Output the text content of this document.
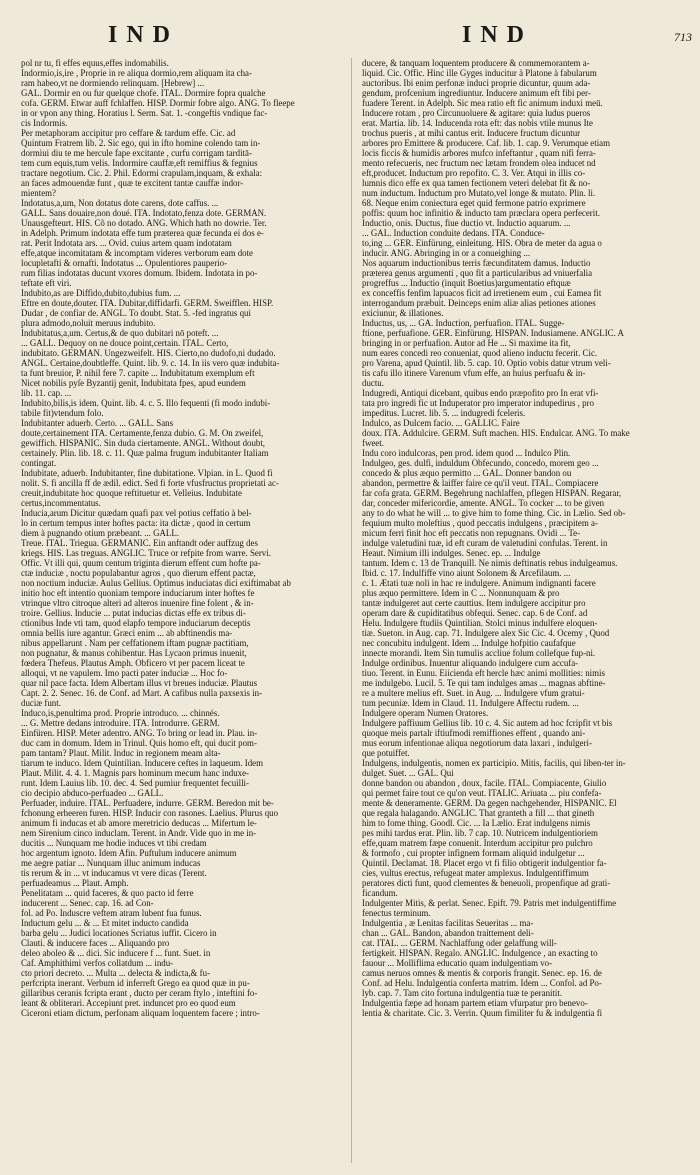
IND	IND	713
pol nr tu, fi effes equus,effes indomabilis.
Indormio,is,ire , Proprie in re aliqua dormio,rem aliquam ita cha-
ram habeo,vt ne dormiendo relinquam. [Hebrew] ...
GAL. Dormir en ou fur quelque chofe. ITAL. Dormire fopra qualche
cofa. GERM. Etwar auff fchlaffen. HISP. Dormir fobre algo. ANG. To fleepe
in or vpon any thing. Horatius l. Serm. Sat. 1. -congeftis vndique fac-
cis Indormis.
Per metaphoram accipitur pro ceffare & tardum effe. Cic. ad
Quintum Fratrem lib. 2. Sic ego, qui in ifto homine colendo tam in-
dormiui diu te me hercule fape excitante , curfu corrigam tarditā-
tem cum equis,tum velis. Indormire cauffæ,eft remiffius & fegnius
tractare negotium. Cic. 2. Phil. Edormi crapulam,inquam, & exhala:
an faces admouendæ funt , quæ te excitent tantæ cauffæ indor-
mientem?
Indotatus,a,um, Non dotatus dote carens, dote caffus. ...
GALL. Sans douaire,non doué. ITA. Indotato,fenza dote. GERMAN.
Unausgefteurt. HIS. Cõ no dotado. ANG. Which hath no dowrie. Ter.
in Adelph. Primum indotata effe tum præterea quæ fecunda ei dos e-
rat. Perit Indotata ars. ... Ovid. cuius artem quam indotatam
effe,atque incomitatam & incomptam videres verborum eam dote
locupletafti & ornafti. Indotatus ... Opulentiores pauperio-
rum filias indotatas ducunt vxores domum. Ibidem. Indotata in po-
teftate eft viri.
Indubito,as are Diffido,dubito,dubius fum. ...
Eftre en doute,douter. ITA. Dubitar,diffidarfi. GERM. Sweifflen. HISP.
Dudar , de confiar de. ANGL. To doubt. Stat. 5. -fed ingratus qui
plura admodo,noluit meruus indubito.
Indubitatus,a,um. Certus,& de quo dubitari nō poteft. ...
... GALL. Dequoy on ne douce point,certain. ITAL. Certo,
indubitato. GERMAN. Ungezweifelt. HIS. Cierto,no dudofo,ni dudado.
ANGL. Certaine,doubtleffe. Quint. lib. 9. c. 14. In iis vero quæ indubita-
ta funt breuior, P. nihil fere 7. capite ... Indubitatum exemplum eft
Nicet nobilis pyſe Byzantij genit, Indubitata fpes, apud eundem
lib. 11. cap. ...
Indubito,bilis,is idem. Quint. lib. 4. c. 5. Illo fequenti (fi modo indubi-
tabile fit)vtendum folo.
Indubitanter aduerb. Certo. ... GALL. Sans
doute,certainement ITA. Certamente,fenza dubio. G. M. On zweifel,
gewiffich. HISPANIC. Sin duda ciertamente. ANGL. Without doubt,
certainely. Plin. lib. 18. c. 11. Quæ palma frugum indubitanter Italiam
contingat.
Indubitate, aduerb. Indubitanter, fine dubitatione. Vlpian. in L. Quod fi
nolit. S. fi ancilla ff de ædil. edict. Sed fi forte vfusfructus proprietati ac-
creuit,indubitate hoc quoque reftituetur et. Velleius. Indubitate
certus,incommentatus.
Inducia,arum Dicitur quædam quafi pax vel potius ceffatio à bel-
lo in certum tempus inter hoftes pacta: ita dictæ , quod in certum
diem à pugnando otium præbeant. ... GALL.
Treue. ITAL. Triegua. GERMANIC. Ein anftandt oder auffzug des
kriegs. HIS. Las treguas. ANGLIC. Truce or refpite from warre. Servi.
Offic. Vt illi qui, quum centum triginta dierum effent cum hofte pa-
ctæ induciæ , noctu populabantur agros , quo dierum effent pactæ,
non noctium induciæ. Aulus Gellius. Optimus induciatas dici exiftimabat ab
initio hoc eft intentio quoniam tempore induciarum inter hoftes fe
vtrinque vltro citroque alteri ad alteros inuenire fine folent , & in-
troire. Gellius. Inducie ... putat inducias dictas effe ex tribus di-
ctionibus Inde vti tam, quod elapfo tempore induciarum deceptis
omnia bellis iure agantur. Græci enim ... ab abftinendis ma-
nibus appellarunt . Nam per ceffationem iftam pugnæ pactitiam,
non pugnatur, & manus cohibentur. Has Lycaon primus inuenit,
fœdera Thefeus. Plautus Amph. Obficero vt per pacem liceat te
alloqui, vt ne vapulem. Imo pacti pater induciæ ... Hoc fo-
quar nil pace facta. Idem Albertam illus vt breues induciæ. Plautus
Capt. 2. 2. Senec. 16. de Conf. ad Mart. A cafibus nulla paxsexis in-
duciæ funt.
Induco,is,penultima prod. Proprie introduco. ... chinnés.
... G. Mettre dedans introduire. ITA. Introdurre. GERM.
Einfüren. HISP. Meter adentro. ANG. To bring or lead in. Plau. in-
duc cam in domum. Idem in Trinul. Quis homo eft, qui ducit pom-
pam tantam? Plaut. Milit. Induc in regionem meam alta-
tiarum te induco. Idem Quintilian. Inducere ceftes in laqueum. Idem
Plaut. Milit. 4. 4. 1. Magnis pars hominum mecum hanc induxe-
runt. Idem Lauius lib. 10. dec. 4. Sed pumiur frequentet fecuilli-
cio decipio abduco-perfuadeo ... GALL.
Perfuader, induire. ITAL. Perfuadere, indurre. GERM. Beredon mit be-
fchonung erheeren furen. HISP. Inducir con rasones. Laelius. Plurus quo
animum fi inducas et ab amore meretricio deducas ... Mifertum le-
nem Sirenium cinco induclam. Terent. in Andr. Vide quo in me in-
ducitis ... Nunquam me hodie induces vt tibi credam
hoc argentum ignoto. Idem Afin. Puftulum inducere animum
me aegre patiar ... Nunquam illuc animum inducas
tis rerum & in ... vt inducamus vt vere dicas (Terent.
perfuadeamus ... Plaut. Amph.
Penelitatam ... quid faceres, & quo pacto id ferre
inducerent ... Senec. cap. 16. ad Con-
fol. ad Po. Induscre veftem atram lubent fua funus.
Inductum gelu ... & ... Et mitet inducto candida
barba gelu ... Judici locationes Scriatus iuffit. Cicero in
Clauti. & inducere faces ... Aliquando pro
deleo aboleo & ... dici. Sic inducere f ... funt. Suet. in
Caf. Amphithimi verfos collatdum ... indu-
cto priori decreto. ... Multa ... delecta & indicta,& fu-
perfcripta inerant. Verbum id inferreft Grego ea quod quæ in pu-
gillaribus ceranis fcripta erant , ducto per ceram ftylo , inteftini fo-
leant & obliterari. Accepiunt pret. induncet pro eo quod eum
Ciceroni etiam dictum, perfonam aliquam loquentem facere ; intro-
ducere, & tanquam loquentem producere & commemorantem a-
liquid. Cic. Offic. Hinc ille Gyges inducitur à Platone à fabularum
auctoribus. Ibi enim perfonæ induci proprie dicuntur, quum ada-
gendum, profcenium ingrediuntur. Inducere animum eft fibi per-
fuadere Terent. in Adelph. Sic mea ratio eft fic animum induxi meū.
Inducere rotam , pro Circunuoluere & agitare: quia ludus pueros
erat. Martia. lib. 14. Inducenda rota eft: das nobis vtile munus Ite
trochus pueris , at mihi cantus erit. Inducere fructum dicuntur
arbores pro Emittere & producere. Caf. lib. 1. cap. 9. Verumque etiam
locis ficcis & humidis arbores mufco infeftantur , quam nifi ferra-
mento refecueris, nec fructum nec lætam frondem olea inducet nd
eft,producet. Inductum pro repofito. C. 3. Ver. Atqui in illis co-
lumnis dico effe ex qua tamen fectionem veteri delebat fit & no-
num inductum. Inductum pro Mutato,vel longe & mutato. Plin. li.
68. Neque enim coniectura eget quid fermone patrio exprimere
poffis: quum hoc infinitio & inducto tam præclara opera perfecerit.
Inductio, onis. Ductus, fiue ductio vt. Inductio aquarum. ...
... GAL. Induction conduite dedans. ITA. Conduce-
to,ing ... GER. Einfürung, einleitung. HIS. Obra de meter da agua o
inducir. ANG. Abringing in or a conueighing ...
Nos aquarum inductionibus terris fæcunditatem damus. Inductio
præterea genus argumenti , quo fit a particularibus ad vniuerfalia
progreffus ... Inductio (inquit Boetius)argumentatio eftquæ
ex conceffis fenfim lapuacos ficit ad irretienem eum , cui Eamea fit
interrogandum præbuit. Deinceps enim aliæ alias petiones ationes
exiciunur, & illationes.
Inductus, us, ... GA. Induction, perfuafion. ITAL. Sugge-
ftione, perfuafione. GER. Einfürung. HISPAN. Indusiamene. ANGLIC. A
bringing in or perfuafion. Autor ad He ... Si maxime ita fit,
num eares concedi reo conueniat, quod alieno inductu fecerit. Cic.
pro Varena, apud Quintil. lib. 5. cap. 10. Optio vobis datur vtrum veli-
tis cafu illo itinere Varenum vfum effe, an huius perfuafu & in-
ductu.
Indugredi, Antiqui dicebant, quibus endo præpofito pro In erat vfi-
tata pro ingredi fic ut Induperator pro imperator indupedirus , pro
impeditus. Lucret. lib. 5. ... indugredi fceleris.
Indulco, as Dulcem facio. ... GALLIC. Faire
doux. ITA. Addulcire. GERM. Suft machen. HIS. Endulcar. ANG. To make
fweet.
Indu coro indulcoras, pen prod. idem quod ... Indulco Plin.
Indulgeo, ges. dulfi, induldum Obfecundo, concedo, morem geo ...
concedo & plus æquo permitto ... GAL. Donner bandon ou
abandon, permettre & laiffer faire ce qu'il veut. ITAL. Compiacere
far cofa grata. GERM. Begehrung nachlaffen, pflegen HISPAN. Regarar,
dar, conceder mifericordie, amente. ANGL. To cocker ... to be given
any to do what he will ... to give him to fome thing. Cic. in Lælio. Sed ob-
fequium multo moleftius , quod peccatis indulgens , præcipitem a-
micum ferri finit hoc eft peccatis non repugnans. Ovidi ... Te-
indulge valetudini tuæ, id eft curam de valetudini confulas. Terent. in
Heaut. Nimium illi indulges. Senec. ep. ... Indulge
tantum. Idem c. 13 de Tranquill. Ne nimis deftinatis rebus indulgeamus.
Ibid. c. 17. Indulfiffe vino aiunt Solonem & Arcefilaum. ...
c. 1. Ætati tuæ noli in hac re indulgere. Animum indignanti facere
plus æquo permittere. Idem in C ... Nonnunquam & pro
tantæ indulgeret aut certe cauttius. Item indulgere accipitur pro
operam dare & cupiditatibus obfequi. Senec. cap. 6 de Conf. ad
Helu. Indulgere ftudiis Quintilian. Stolci minus indulfere eloquen-
tiæ. Sueton. in Aug. cap. 71. Indulgere alex Sic Cic. 4. Ocemy , Quod
nec concubitu indulgent. Idem ... Indulge hofpitio caufafque
innecte morandi. Item Sin tumulis accliue folum collefque fup-ni.
Indulge ordinibus. Inuentur aliquando indulgere cum accufa-
tiuo. Terent. in Eunu. Eiicienda eft hercle hæc animi mollities: nimis
me indulgebo. Lucil. 5. Te qui tam indulges amas ... magnas abftine-
re a multere melius eft. Suet. in Aug. ... Indulgere vfum gratui-
tum pecuniæ. Idem in Claud. 11. Indulgere Affectu rudem. ...
Indulgere operam Numen Oratores.
Indulgere paffiuum Gellius lib. 10 c. 4. Sic autem ad hoc fcripfit vt bis
quoque meis partalr iftiufmodi remiffiones effent , quando ani-
mus eorum infentionae aliqua negotiorum data laxari , indulgeri-
que potuiffet.
Indulgens, indulgentis, nomen ex participio. Mitis, facilis, qui liben-ter in-
dulget. Suet. ... GAL. Qui
donne bandon ou abandon , doux, facile. ITAL. Compiacente, Giulio
qui permet faire tout ce qu'on veut. ITALIC. Ariuata ... piu confefa-
mente & deneramente. GERM. Da gegen nachgehender, HISPANIC. El
que regala halagando. ANGLIC. That granteth a fill ... that gineth
him to fome thing. Goodl. Cic. ... Ia Lælio. Erat indulgens nimis
pes mihi tardus erat. Plin. lib. 7 cap. 10. Nutricem indulgentioriem
effe,quam matrem fæpe conuenit. Interdum accipitur pro pulchro
& formofo , cui propter infignem formam aliquid indulgetur ...
Quintil. Declamat. 18. Placet ergo vt fi filio obtigerit indulgentior fa-
cies, vultus erectus, refugeat mater amplexus. Indulgentiffimum
peratores dicti funt, quod clementes & beneuoli, propenfique ad grati-
ficandum.
Indulgenter Mitis, & perlat. Senec. Epift. 79. Patris met indulgentiffime
fenectus terminum.
Indulgentia , æ Lenitas facilitas Seueritas ... ma-
chan ... GAL. Bandon, abandon traittement deli-
cat. ITAL. ... GERM. Nachlaffung oder gelaffung will-
fertigkeit. HISPAN. Regalo. ANGLIC. Indulgence , an exacting to
fauour ... Molliflima educatio quam indulgentiam vo-
camus neruos omnes & mentis & corporis frangit. Senec. ep. 16. de
Conf. ad Helu. Indulgentia conferta matrim. Idem ... Confol. ad Po-
lyb. cap. 7. Tam cito fortuna indulgentia tuæ te peranitit.
Indulgentia fæpe ad honam partem etiam vfurpatur pro benevo-
lentia & charitate. Cic. 3. Verrin. Quum fimiliter fu & indulgentia fi
